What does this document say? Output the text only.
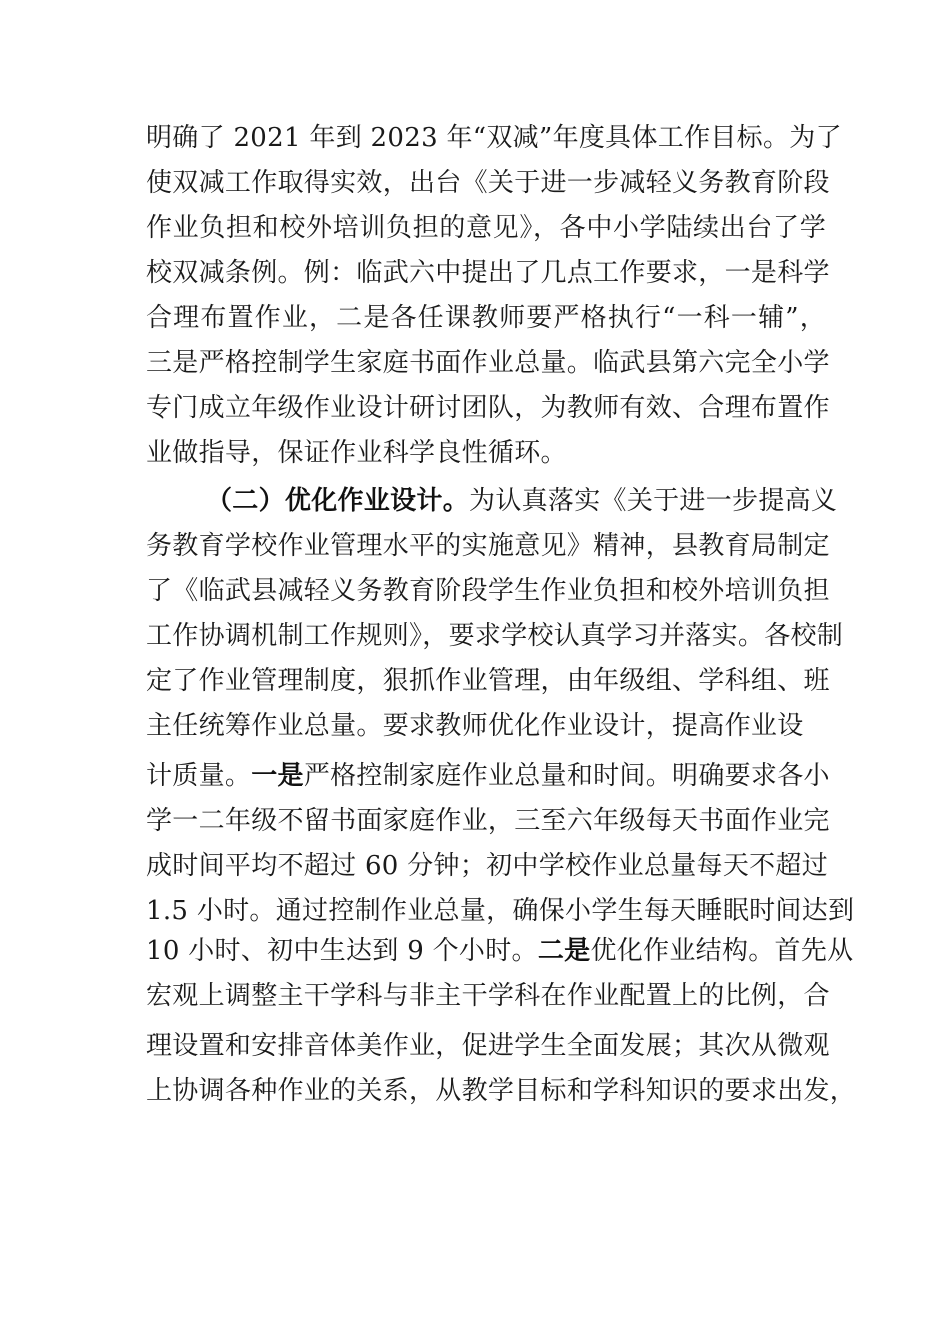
明确了 2021 年到 2023 年“双减”年度具体工作目标。为了
使双减工作取得实效，出台《关于进一步减轻义务教育阶段
作业负担和校外培训负担的意见》，各中小学陆续出台了学
校双减条例。例：临武六中提出了几点工作要求，一是科学
合理布置作业，二是各任课教师要严格执行“一科一辅”，
三是严格控制学生家庭书面作业总量。临武县第六完全小学
专门成立年级作业设计研讨团队，为教师有效、合理布置作
业做指导，保证作业科学良性循环。
（二）优化作业设计。为认真落实《关于进一步提高义
务教育学校作业管理水平的实施意见》精神，县教育局制定
了《临武县减轻义务教育阶段学生作业负担和校外培训负担
工作协调机制工作规则》，要求学校认真学习并落实。各校制
定了作业管理制度，狠抓作业管理，由年级组、学科组、班
主任统筹作业总量。要求教师优化作业设计，提高作业设
计质量。一是严格控制家庭作业总量和时间。明确要求各小
学一二年级不留书面家庭作业，三至六年级每天书面作业完
成时间平均不超过 60 分钟；初中学校作业总量每天不超过
1.5 小时。通过控制作业总量，确保小学生每天睡眠时间达到
10 小时、初中生达到 9 个小时。二是优化作业结构。首先从
宏观上调整主干学科与非主干学科在作业配置上的比例，合
理设置和安排音体美作业，促进学生全面发展；其次从微观
上协调各种作业的关系，从教学目标和学科知识的要求出发，
